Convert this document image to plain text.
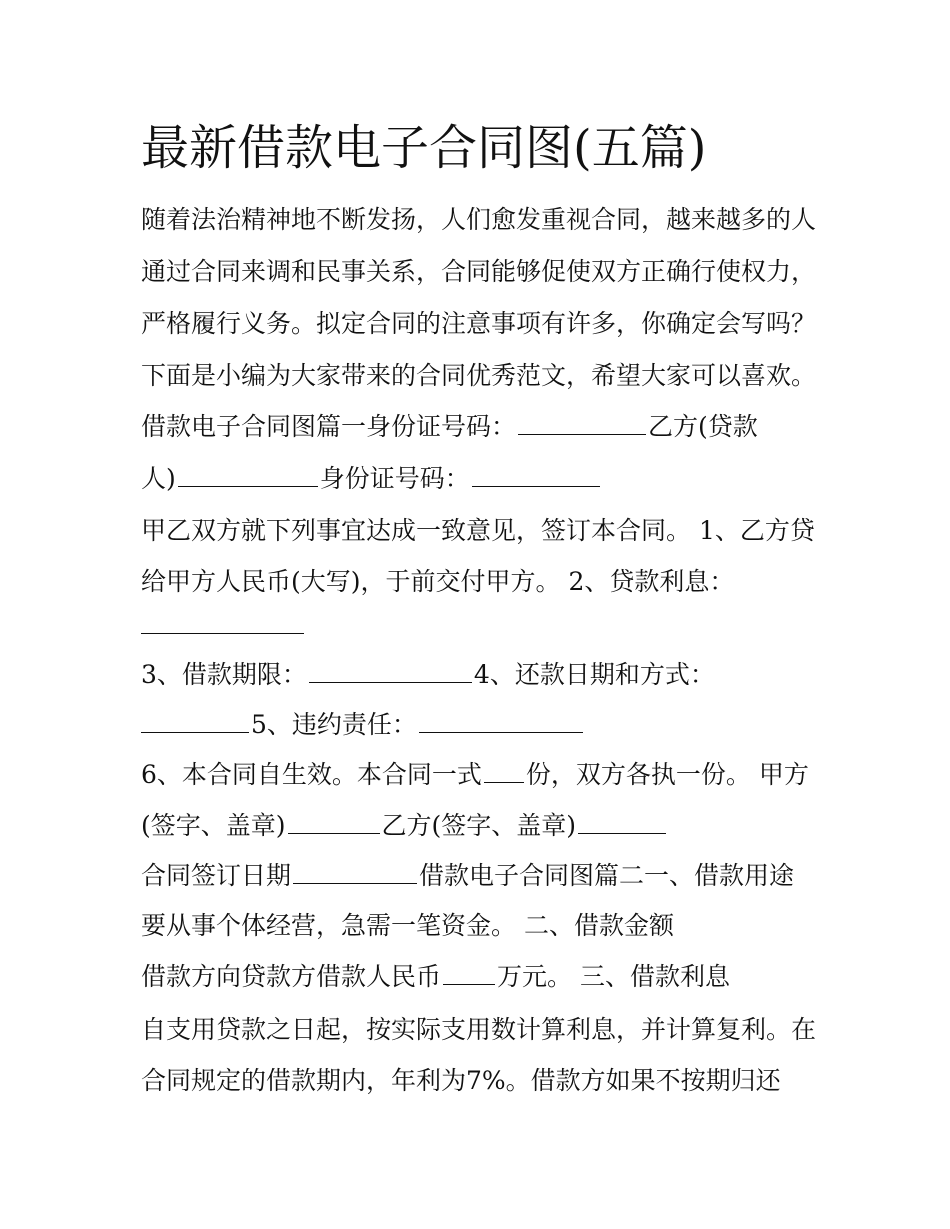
最新借款电子合同图(五篇)
随着法治精神地不断发扬，人们愈发重视合同，越来越多的人
通过合同来调和民事关系，合同能够促使双方正确行使权力，
严格履行义务。拟定合同的注意事项有许多，你确定会写吗？
下面是小编为大家带来的合同优秀范文，希望大家可以喜欢。
借款电子合同图篇一身份证号码：	乙方(贷款
人)	身份证号码：
甲乙双方就下列事宜达成一致意见，签订本合同。 1、乙方贷
给甲方人民币(大写)，于前交付甲方。 2、贷款利息：
3、借款期限：	4、还款日期和方式：
5、违约责任：
6、本合同自生效。本合同一式 份，双方各执一份。 甲方
(签字、盖章)	乙方(签字、盖章)
合同签订日期	借款电子合同图篇二一、借款用途
要从事个体经营，急需一笔资金。 二、借款金额
借款方向贷款方借款人民币 万元。 三、借款利息
自支用贷款之日起，按实际支用数计算利息，并计算复利。在
合同规定的借款期内，年利为7%。借款方如果不按期归还
